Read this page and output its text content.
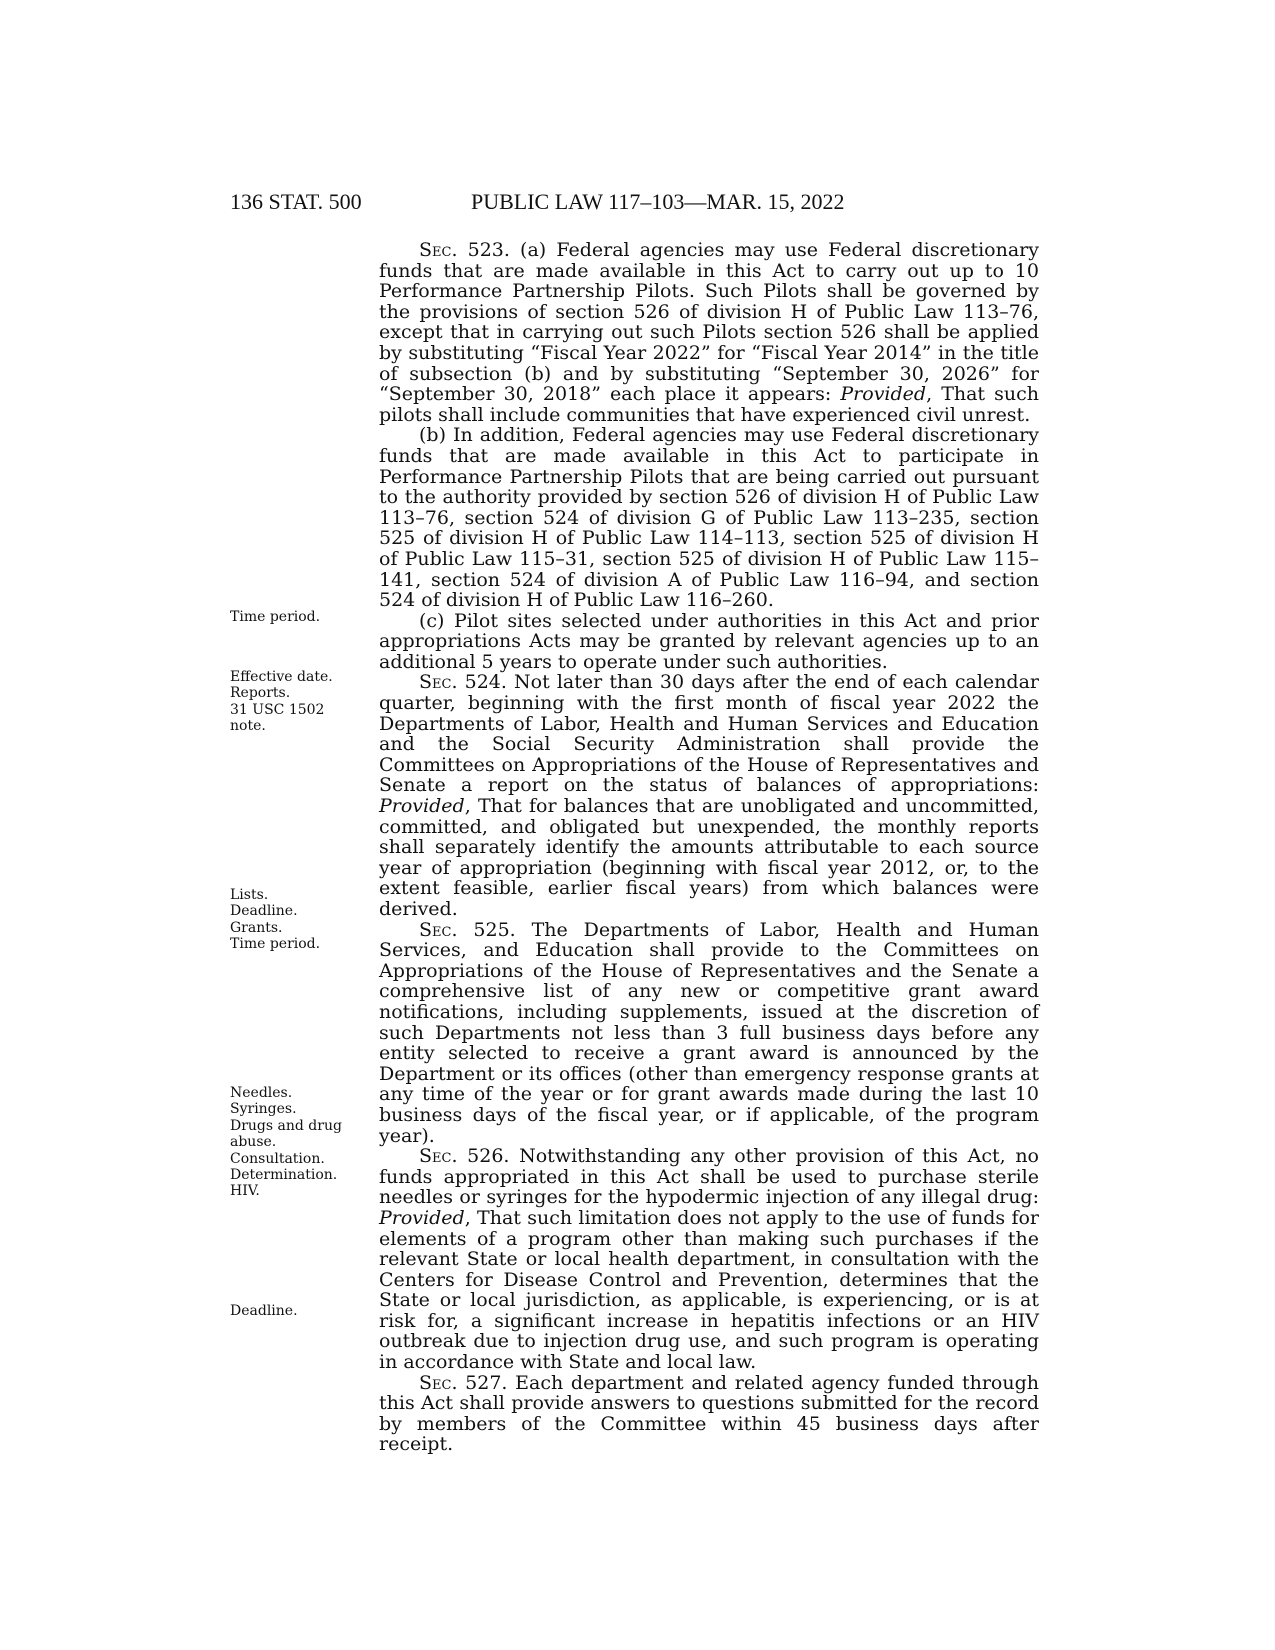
136 STAT. 500	PUBLIC LAW 117–103—MAR. 15, 2022
Time period.
Effective date.
Reports.
31 USC 1502
note.
Lists.
Deadline.
Grants.
Time period.
Needles.
Syringes.
Drugs and drug
abuse.
Consultation.
Determination.
HIV.
Deadline.

Sec. 523. (a) Federal agencies may use Federal discretionary funds that are made available in this Act to carry out up to 10 Performance Partnership Pilots. Such Pilots shall be governed by the provisions of section 526 of division H of Public Law 113–76, except that in carrying out such Pilots section 526 shall be applied by substituting “Fiscal Year 2022” for “Fiscal Year 2014” in the title of subsection (b) and by substituting “September 30, 2026” for “September 30, 2018” each place it appears: Provided, That such pilots shall include communities that have experienced civil unrest.

(b) In addition, Federal agencies may use Federal discretionary funds that are made available in this Act to participate in Performance Partnership Pilots that are being carried out pursuant to the authority provided by section 526 of division H of Public Law 113–76, section 524 of division G of Public Law 113–235, section 525 of division H of Public Law 114–113, section 525 of division H of Public Law 115–31, section 525 of division H of Public Law 115–141, section 524 of division A of Public Law 116–94, and section 524 of division H of Public Law 116–260.

(c) Pilot sites selected under authorities in this Act and prior appropriations Acts may be granted by relevant agencies up to an additional 5 years to operate under such authorities.

Sec. 524. Not later than 30 days after the end of each calendar quarter, beginning with the first month of fiscal year 2022 the Departments of Labor, Health and Human Services and Education and the Social Security Administration shall provide the Committees on Appropriations of the House of Representatives and Senate a report on the status of balances of appropriations: Provided, That for balances that are unobligated and uncommitted, committed, and obligated but unexpended, the monthly reports shall separately identify the amounts attributable to each source year of appropriation (beginning with fiscal year 2012, or, to the extent feasible, earlier fiscal years) from which balances were derived.

Sec. 525. The Departments of Labor, Health and Human Services, and Education shall provide to the Committees on Appropriations of the House of Representatives and the Senate a comprehensive list of any new or competitive grant award notifications, including supplements, issued at the discretion of such Departments not less than 3 full business days before any entity selected to receive a grant award is announced by the Department or its offices (other than emergency response grants at any time of the year or for grant awards made during the last 10 business days of the fiscal year, or if applicable, of the program year).

Sec. 526. Notwithstanding any other provision of this Act, no funds appropriated in this Act shall be used to purchase sterile needles or syringes for the hypodermic injection of any illegal drug: Provided, That such limitation does not apply to the use of funds for elements of a program other than making such purchases if the relevant State or local health department, in consultation with the Centers for Disease Control and Prevention, determines that the State or local jurisdiction, as applicable, is experiencing, or is at risk for, a significant increase in hepatitis infections or an HIV outbreak due to injection drug use, and such program is operating in accordance with State and local law.

Sec. 527. Each department and related agency funded through this Act shall provide answers to questions submitted for the record by members of the Committee within 45 business days after receipt.
